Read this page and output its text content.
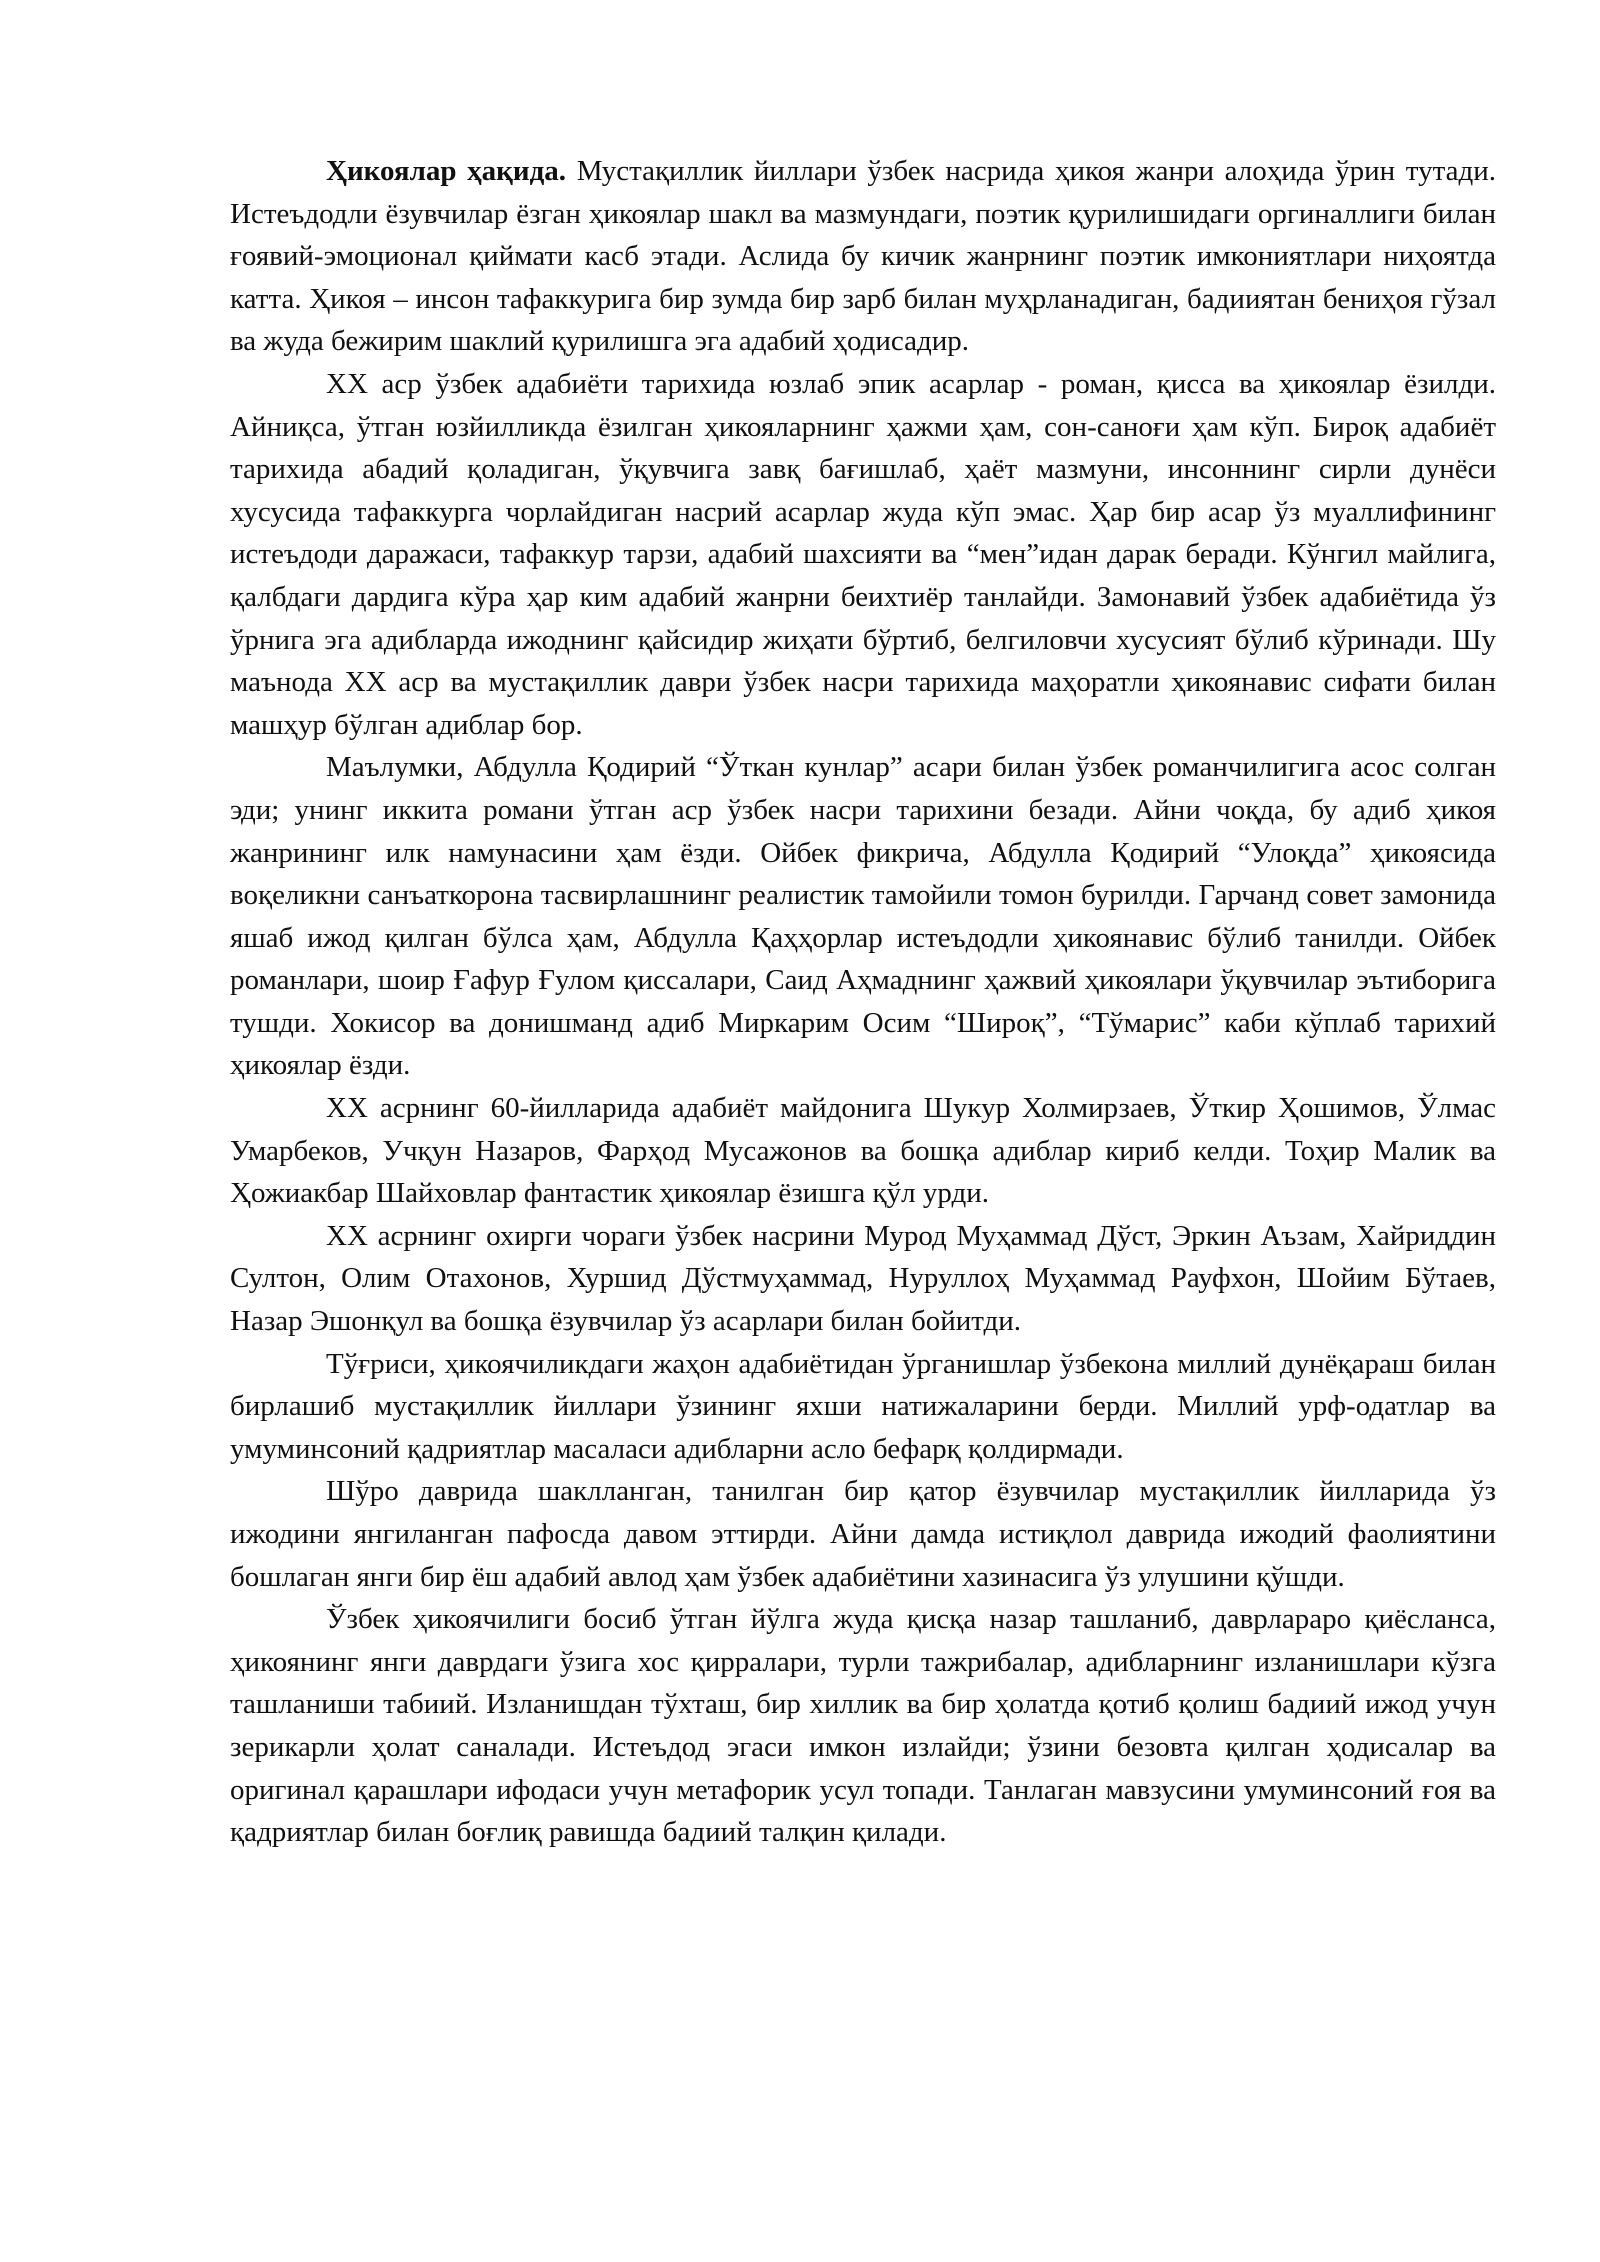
Ҳикоялар ҳақида. Мустақиллик йиллари ўзбек насрида ҳикоя жанри алоҳида ўрин тутади. Истеъдодли ёзувчилар ёзган ҳикоялар шакл ва мазмундаги, поэтик қурилишидаги оргиналлиги билан ғоявий-эмоционал қиймати касб этади. Аслида бу кичик жанрнинг поэтик имкониятлари ниҳоятда катта. Ҳикоя – инсон тафаккурига бир зумда бир зарб билан муҳрланадиган, бадииятан бениҳоя гўзал ва жуда бежирим шаклий қурилишга эга адабий ҳодисадир.

XX аср ўзбек адабиёти тарихида юзлаб эпик асарлар - роман, қисса ва ҳикоялар ёзилди. Айниқса, ўтган юзйилликда ёзилган ҳикояларнинг ҳажми ҳам, сон-саноғи ҳам кўп. Бироқ адабиёт тарихида абадий қоладиган, ўқувчига завқ бағишлаб, ҳаёт мазмуни, инсоннинг сирли дунёси хусусида тафаккурга чорлайдиган насрий асарлар жуда кўп эмас. Ҳар бир асар ўз муаллифининг истеъдоди даражаси, тафаккур тарзи, адабий шахсияти ва “мен”идан дарак беради. Кўнгил майлига, қалбдаги дардига кўра ҳар ким адабий жанрни беихтиёр танлайди. Замонавий ўзбек адабиётида ўз ўрнига эга адибларда ижоднинг қайсидир жиҳати бўртиб, белгиловчи хусусият бўлиб кўринади. Шу маънода XX аср ва мустақиллик даври ўзбек насри тарихида маҳоратли ҳикоянавис сифати билан машҳур бўлган адиблар бор.

Маълумки, Абдулла Қодирий “Ўткан кунлар” асари билан ўзбек романчилигига асос солган эди; унинг иккита романи ўтган аср ўзбек насри тарихини безади. Айни чоқда, бу адиб ҳикоя жанрининг илк намунасини ҳам ёзди. Ойбек фикрича, Абдулла Қодирий “Улоқда” ҳикоясида воқеликни санъаткорона тасвирлашнинг реалистик тамойили томон бурилди. Гарчанд совет замонида яшаб ижод қилган бўлса ҳам, Абдулла Қаҳҳорлар истеъдодли ҳикоянавис бўлиб танилди. Ойбек романлари, шоир Ғафур Ғулом қиссалари, Саид Аҳмаднинг ҳажвий ҳикоялари ўқувчилар эътиборига тушди. Хокисор ва донишманд адиб Миркарим Осим “Широқ”, “Тўмарис” каби кўплаб тарихий ҳикоялар ёзди.

XX асрнинг 60-йилларида адабиёт майдонига Шукур Холмирзаев, Ўткир Ҳошимов, Ўлмас Умарбеков, Учқун Назаров, Фарҳод Мусажонов ва бошқа адиблар кириб келди. Тоҳир Малик ва Ҳожиакбар Шайховлар фантастик ҳикоялар ёзишга қўл урди.

XX асрнинг охирги чораги ўзбек насрини Мурод Муҳаммад Дўст, Эркин Аъзам, Хайриддин Султон, Олим Отахонов, Хуршид Дўстмуҳаммад, Нуруллоҳ Муҳаммад Рауфхон, Шойим Бўтаев, Назар Эшонқул ва бошқа ёзувчилар ўз асарлари билан бойитди.

Тўғриси, ҳикоячиликдаги жаҳон адабиётидан ўрганишлар ўзбекона миллий дунёқараш билан бирлашиб мустақиллик йиллари ўзининг яхши натижаларини берди. Миллий урф-одатлар ва умуминсоний қадриятлар масаласи адибларни асло бефарқ қолдирмади.

Шўро даврида шаклланган, танилган бир қатор ёзувчилар мустақиллик йилларида ўз ижодини янгиланган пафосда давом эттирди. Айни дамда истиқлол даврида ижодий фаолиятини бошлаган янги бир ёш адабий авлод ҳам ўзбек адабиётини хазинасига ўз улушини қўшди.

Ўзбек ҳикоячилиги босиб ўтган йўлга жуда қисқа назар ташланиб, даврлараро қиёсланса, ҳикоянинг янги даврдаги ўзига хос қирралари, турли тажрибалар, адибларнинг изланишлари кўзга ташланиши табиий. Изланишдан тўхташ, бир хиллик ва бир ҳолатда қотиб қолиш бадиий ижод учун зерикарли ҳолат саналади. Истеъдод эгаси имкон излайди; ўзини безовта қилган ҳодисалар ва оригинал қарашлари ифодаси учун метафорик усул топади. Танлаган мавзусини умуминсоний ғоя ва қадриятлар билан боғлиқ равишда бадиий талқин қилади.
